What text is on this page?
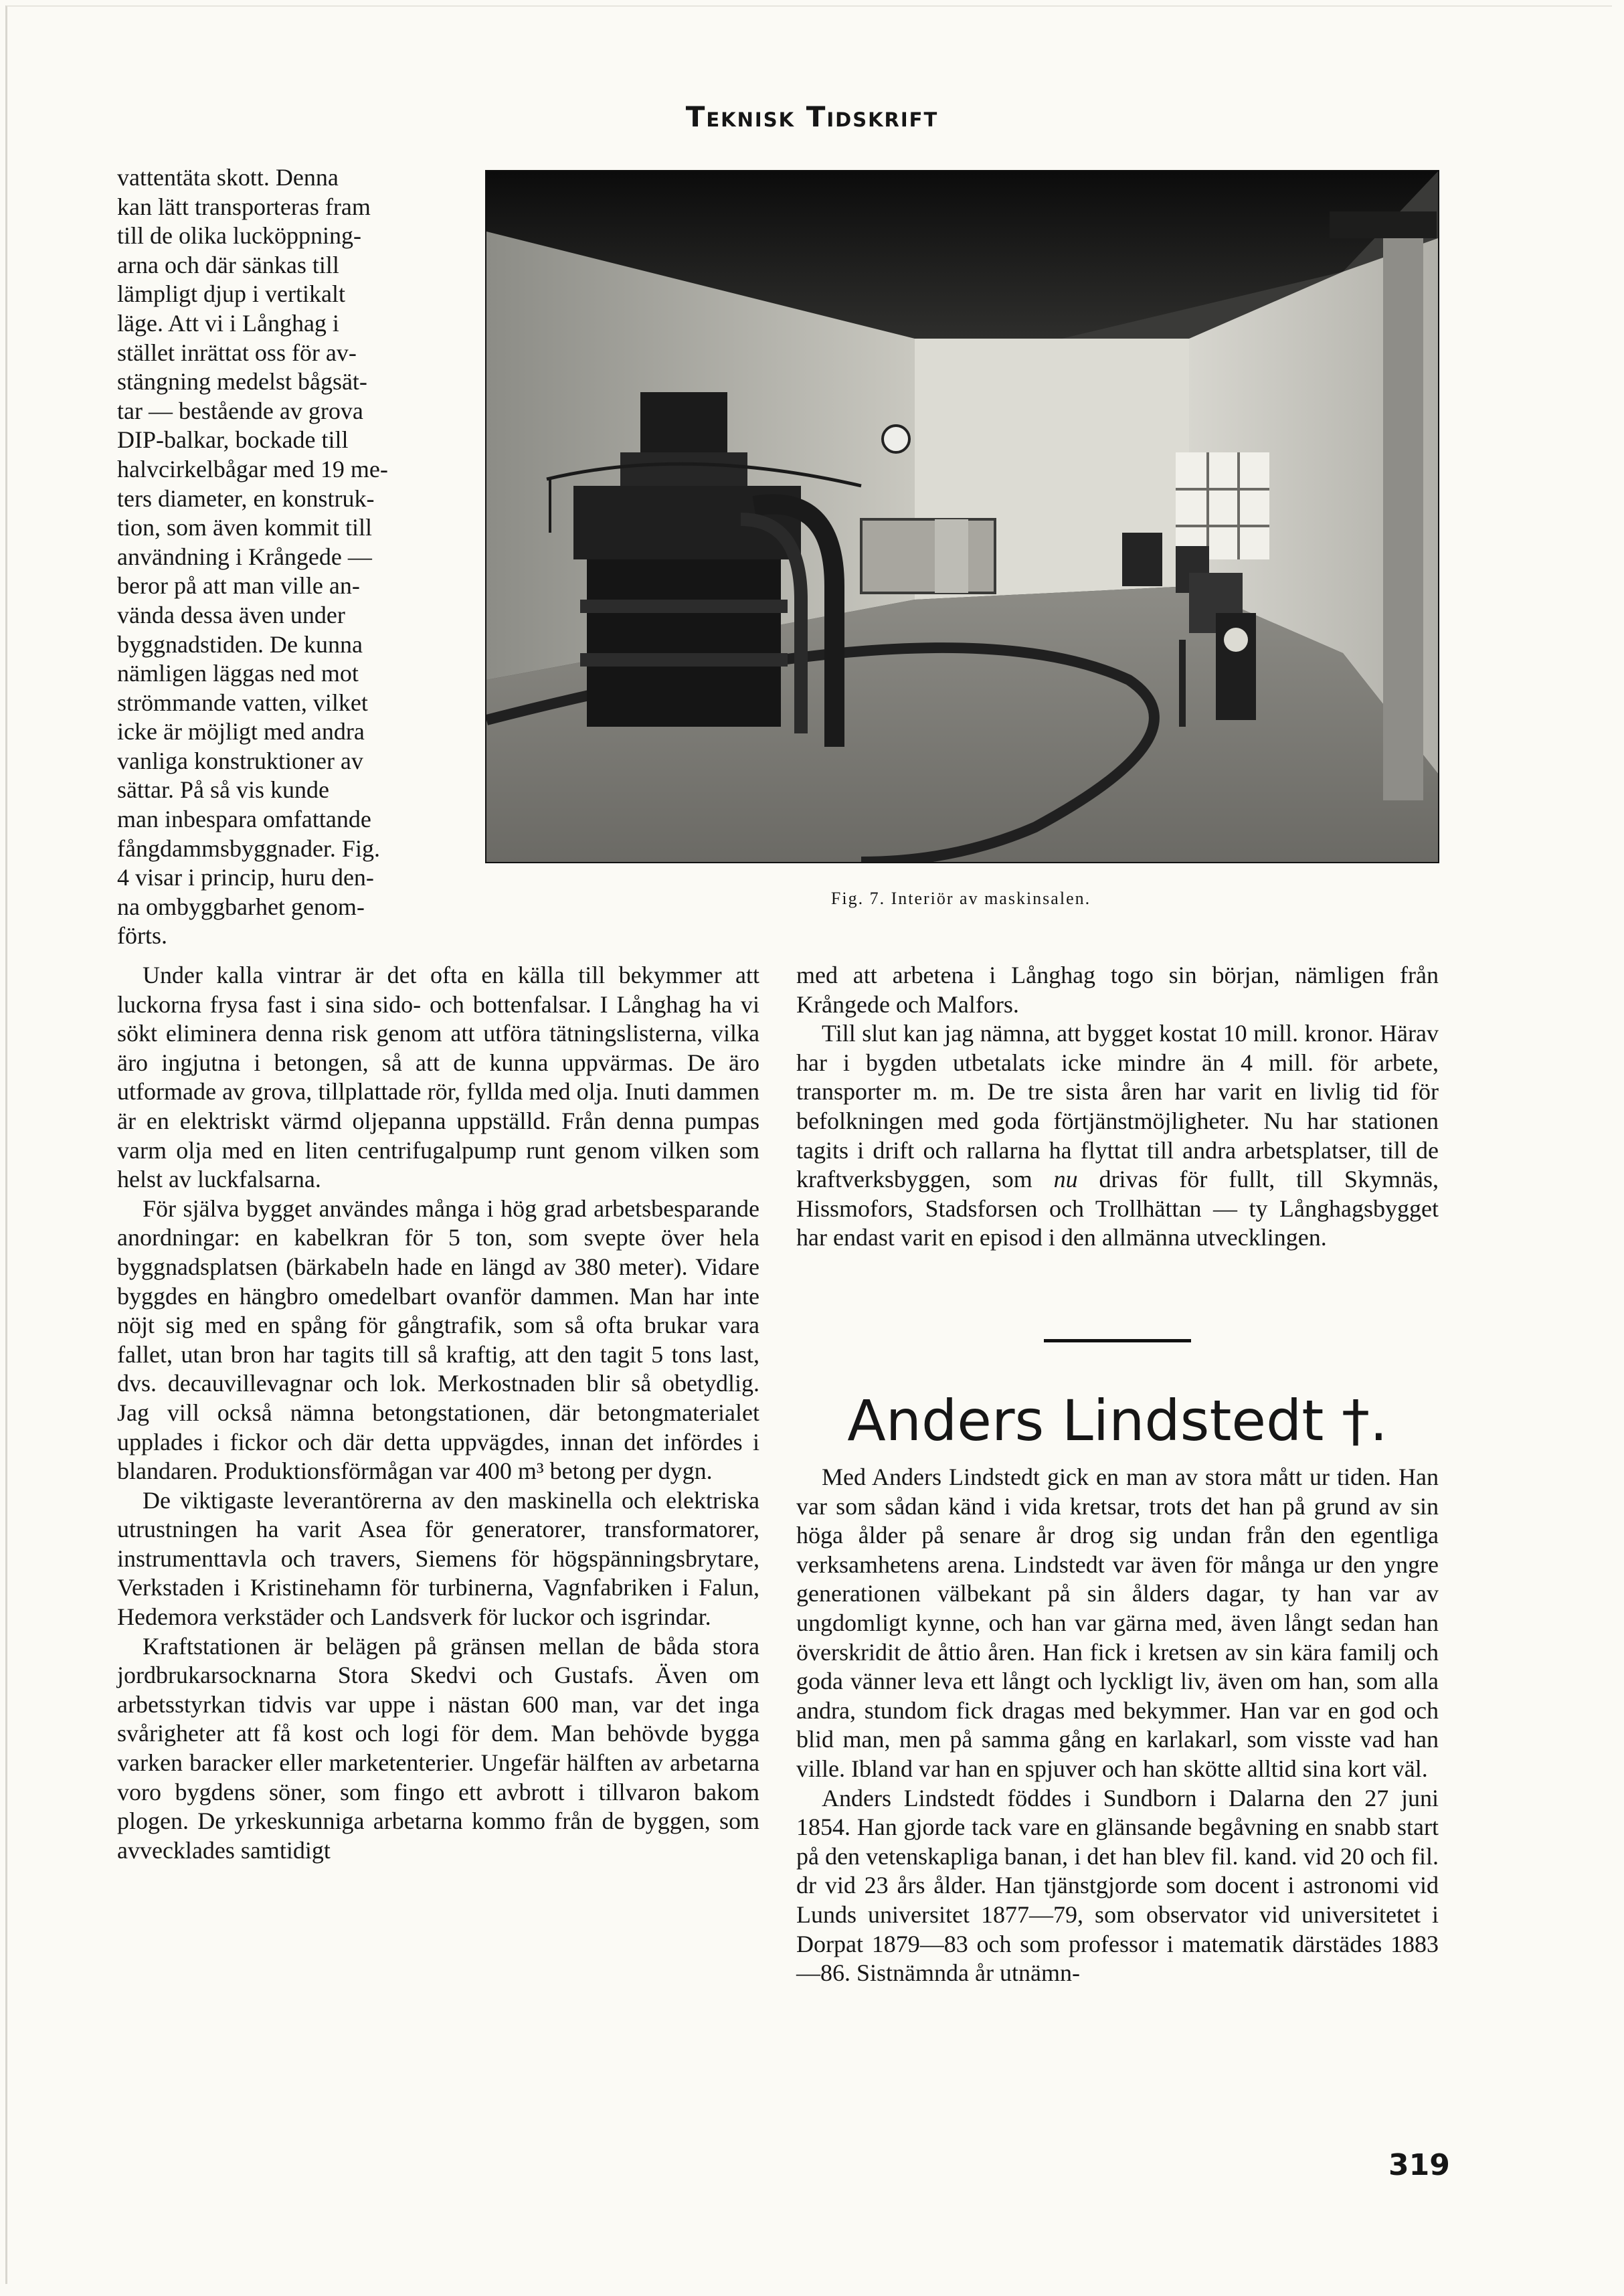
Teknisk Tidskrift
vattentäta skott. Denna
kan lätt transporteras fram
till de olika lucköppning-
arna och där sänkas till
lämpligt djup i vertikalt
läge. Att vi i Långhag i
stället inrättat oss för av-
stängning medelst bågsät-
tar — bestående av grova
DIP-balkar, bockade till
halvcirkelbågar med 19 me-
ters diameter, en konstruk-
tion, som även kommit till
användning i Krångede —
beror på att man ville an-
vända dessa även under
byggnadstiden. De kunna
nämligen läggas ned mot
strömmande vatten, vilket
icke är möjligt med andra
vanliga konstruktioner av
sättar. På så vis kunde
man inbespara omfattande
fångdammsbyggnader. Fig.
4 visar i princip, huru den-
na ombyggbarhet genom-
förts.
Fig. 7. Interiör av maskinsalen.

Under kalla vintrar är det ofta en källa till bekymmer att luckorna frysa fast i sina sido- och bottenfalsar. I Långhag ha vi sökt eliminera denna risk genom att utföra tätningslisterna, vilka äro ingjutna i betongen, så att de kunna uppvärmas. De äro utformade av grova, tillplattade rör, fyllda med olja. Inuti dammen är en elektriskt värmd oljepanna uppställd. Från denna pumpas varm olja med en liten centrifugalpump runt genom vilken som helst av luckfalsarna.

För själva bygget användes många i hög grad arbetsbesparande anordningar: en kabelkran för 5 ton, som svepte över hela byggnadsplatsen (bärkabeln hade en längd av 380 meter). Vidare byggdes en hängbro omedelbart ovanför dammen. Man har inte nöjt sig med en spång för gångtrafik, som så ofta brukar vara fallet, utan bron har tagits till så kraftig, att den tagit 5 tons last, dvs. decauvillevagnar och lok. Merkostnaden blir så obetydlig. Jag vill också nämna betongstationen, där betongmaterialet upplades i fickor och där detta uppvägdes, innan det infördes i blandaren. Produktionsförmågan var 400 m³ betong per dygn.

De viktigaste leverantörerna av den maskinella och elektriska utrustningen ha varit Asea för generatorer, transformatorer, instrumenttavla och travers, Siemens för högspänningsbrytare, Verkstaden i Kristinehamn för turbinerna, Vagnfabriken i Falun, Hedemora verkstäder och Landsverk för luckor och isgrindar.

Kraftstationen är belägen på gränsen mellan de båda stora jordbrukarsocknarna Stora Skedvi och Gustafs. Även om arbetsstyrkan tidvis var uppe i nästan 600 man, var det inga svårigheter att få kost och logi för dem. Man behövde bygga varken baracker eller marketenterier. Ungefär hälften av arbetarna voro bygdens söner, som fingo ett avbrott i tillvaron bakom plogen. De yrkeskunniga arbetarna kommo från de byggen, som avvecklades samtidigt

med att arbetena i Långhag togo sin början, nämligen från Krångede och Malfors.

Till slut kan jag nämna, att bygget kostat 10 mill. kronor. Härav har i bygden utbetalats icke mindre än 4 mill. för arbete, transporter m. m. De tre sista åren har varit en livlig tid för befolkningen med goda förtjänstmöjligheter. Nu har stationen tagits i drift och rallarna ha flyttat till andra arbetsplatser, till de kraftverksbyggen, som nu drivas för fullt, till Skymnäs, Hissmofors, Stadsforsen och Trollhättan — ty Långhagsbygget har endast varit en episod i den allmänna utvecklingen.

Anders Lindstedt †.

Med Anders Lindstedt gick en man av stora mått ur tiden. Han var som sådan känd i vida kretsar, trots det han på grund av sin höga ålder på senare år drog sig undan från den egentliga verksamhetens arena. Lindstedt var även för många ur den yngre generationen välbekant på sin ålders dagar, ty han var av ungdomligt kynne, och han var gärna med, även långt sedan han överskridit de åttio åren. Han fick i kretsen av sin kära familj och goda vänner leva ett långt och lyckligt liv, även om han, som alla andra, stundom fick dragas med bekymmer. Han var en god och blid man, men på samma gång en karlakarl, som visste vad han ville. Ibland var han en spjuver och han skötte alltid sina kort väl.

Anders Lindstedt föddes i Sundborn i Dalarna den 27 juni 1854. Han gjorde tack vare en glänsande begåvning en snabb start på den vetenskapliga banan, i det han blev fil. kand. vid 20 och fil. dr vid 23 års ålder. Han tjänstgjorde som docent i astronomi vid Lunds universitet 1877—79, som observator vid universitetet i Dorpat 1879—83 och som professor i matematik därstädes 1883—86. Sistnämnda år utnämn-

319
